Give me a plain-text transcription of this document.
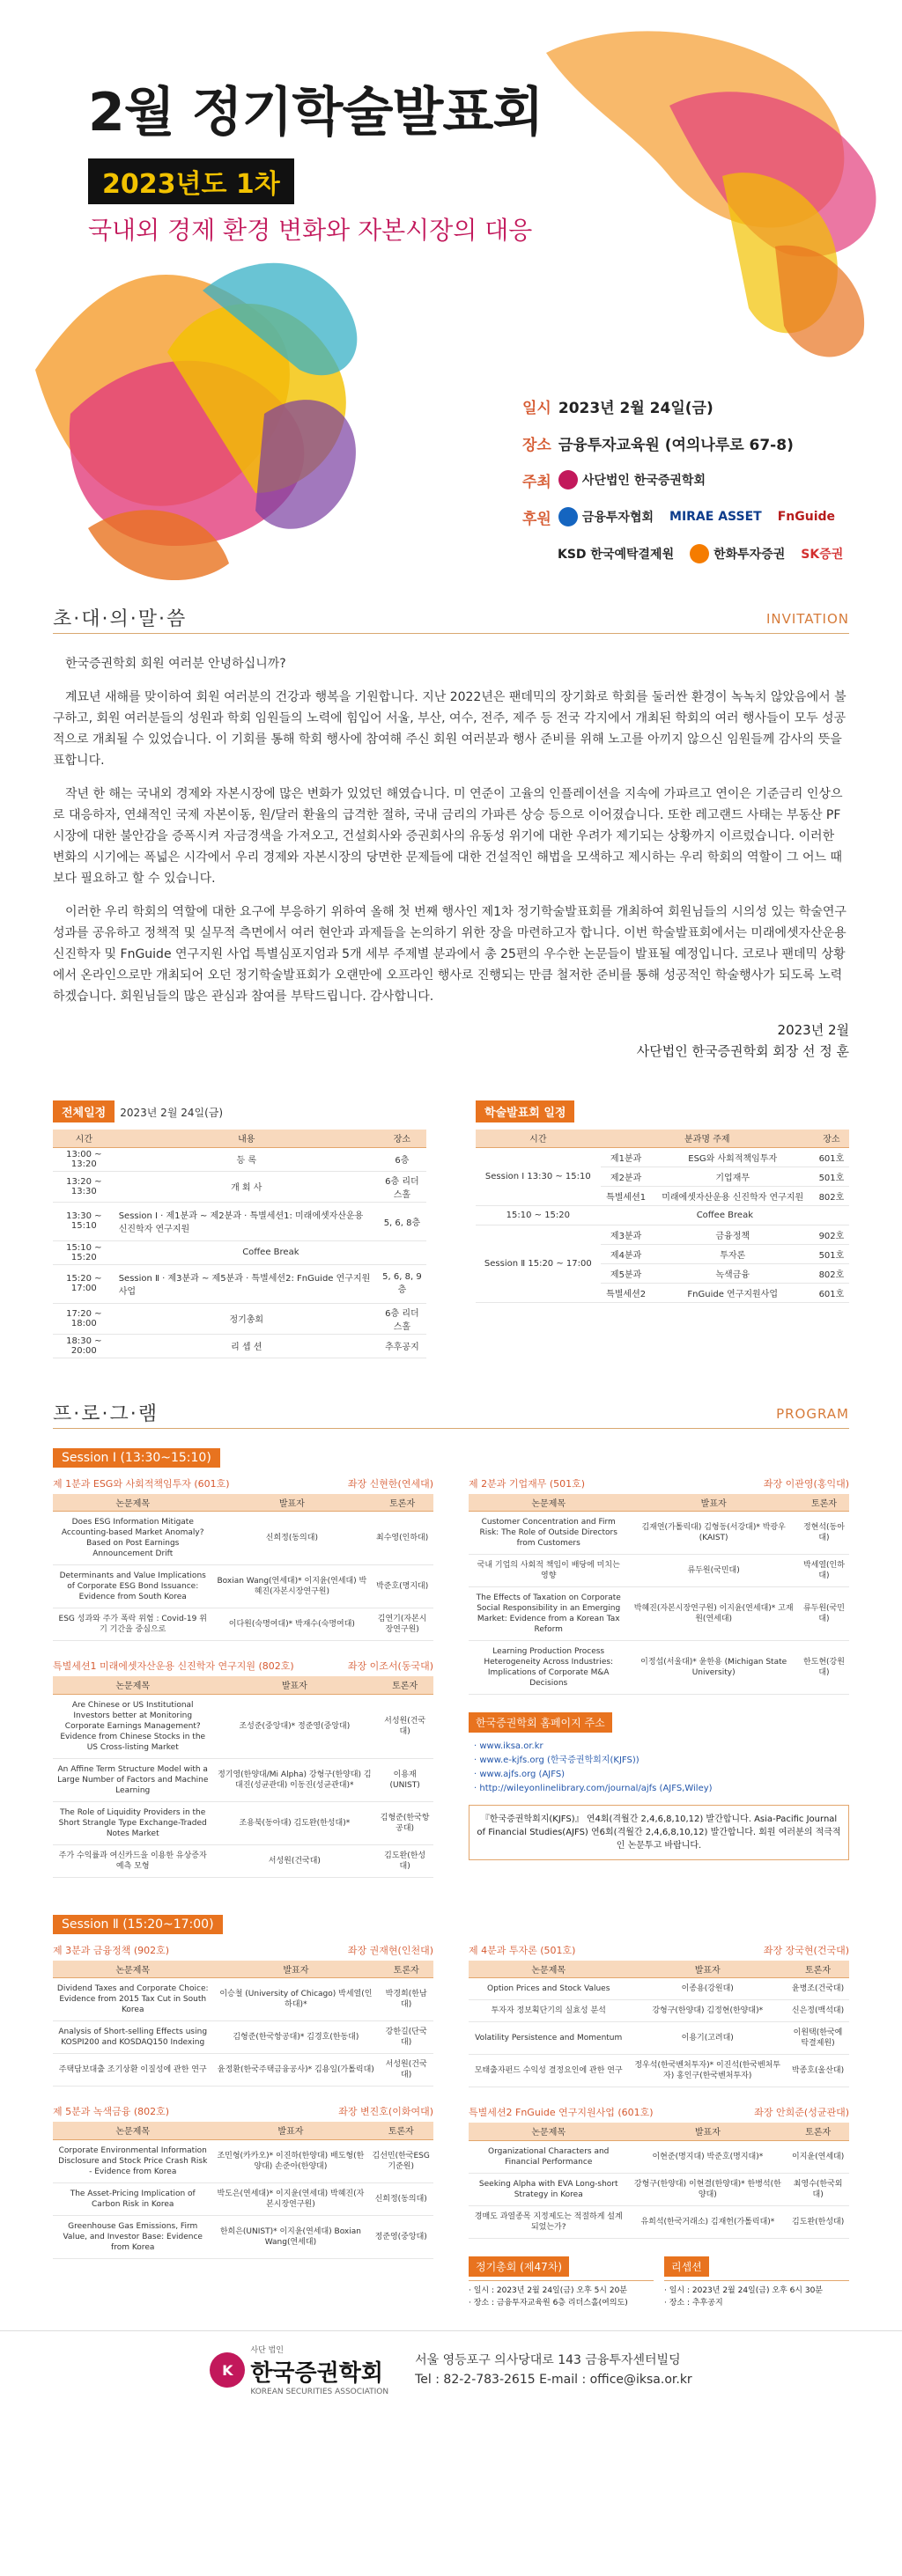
2월 정기학술발표회
2023년도 1차
국내외 경제 환경 변화와 자본시장의 대응
일시 2023년 2월 24일(금)
장소 금융투자교육원 (여의나루로 67-8)
주최	사단법인 한국증권학회
후원	금융투자협회 MIRAE ASSET FnGuide
KSD 한국예탁결제원	한화투자증권 SK증권
초·대·의·말·씀	INVITATION

한국증권학회 회원 여러분 안녕하십니까?

계묘년 새해를 맞이하여 회원 여러분의 건강과 행복을 기원합니다. 지난 2022년은 팬데믹의 장기화로 학회를 둘러싼 환경이 녹녹치 않았음에서 불구하고, 회원 여러분들의 성원과 학회 임원들의 노력에 힘입어 서울, 부산, 여수, 전주, 제주 등 전국 각지에서 개최된 학회의 여러 행사들이 모두 성공적으로 개최될 수 있었습니다. 이 기회를 통해 학회 행사에 참여해 주신 회원 여러분과 행사 준비를 위해 노고를 아끼지 않으신 임원들께 감사의 뜻을 표합니다.

작년 한 해는 국내외 경제와 자본시장에 많은 변화가 있었던 해였습니다. 미 연준이 고율의 인플레이션을 지속에 가파르고 연이은 기준금리 인상으로 대응하자, 연쇄적인 국제 자본이동, 원/달러 환율의 급격한 절하, 국내 금리의 가파른 상승 등으로 이어졌습니다. 또한 레고랜드 사태는 부동산 PF시장에 대한 불안감을 증폭시켜 자금경색을 가져오고, 건설회사와 증권회사의 유동성 위기에 대한 우려가 제기되는 상황까지 이르렀습니다. 이러한 변화의 시기에는 폭넓은 시각에서 우리 경제와 자본시장의 당면한 문제들에 대한 건설적인 해법을 모색하고 제시하는 우리 학회의 역할이 그 어느 때보다 필요하고 할 수 있습니다.

이러한 우리 학회의 역할에 대한 요구에 부응하기 위하여 올해 첫 번째 행사인 제1차 정기학술발표회를 개최하여 회원님들의 시의성 있는 학술연구 성과를 공유하고 정책적 및 실무적 측면에서 여러 현안과 과제들을 논의하기 위한 장을 마련하고자 합니다. 이번 학술발표회에서는 미래에셋자산운용 신진학자 및 FnGuide 연구지원 사업 특별심포지엄과 5개 세부 주제별 분과에서 총 25편의 우수한 논문들이 발표될 예정입니다. 코로나 팬데믹 상황에서 온라인으로만 개최되어 오던 정기학술발표회가 오랜만에 오프라인 행사로 진행되는 만큼 철저한 준비를 통해 성공적인 학술행사가 되도록 노력하겠습니다. 회원님들의 많은 관심과 참여를 부탁드립니다. 감사합니다.

2023년 2월
사단법인 한국증권학회 회장 선 정 훈
전체일정 2023년 2월 24일(금)
시간	내용	장소
13:00 ~ 13:20	등 록	6층
13:20 ~ 13:30	개 회 사	6층 리더스홀
13:30 ~ 15:10	Session Ⅰ · 제1분과 ~ 제2분과 · 특별세션1: 미래에셋자산운용 신진학자 연구지원	5, 6, 8층
15:10 ~ 15:20	Coffee Break	
15:20 ~ 17:00	Session Ⅱ · 제3분과 ~ 제5분과 · 특별세션2: FnGuide 연구지원사업	5, 6, 8, 9층
17:20 ~ 18:00	정기총회	6층 리더스홀
18:30 ~ 20:00	리 셉 션	추후공지
학술발표회 일정
시간	분과명 주제		장소
Session Ⅰ 13:30 ~ 15:10	제1분과	ESG와 사회적책임투자	601호
	제2분과	기업재무	501호
	특별세션1	미래에셋자산운용 신진학자 연구지원	802호
15:10 ~ 15:20	Coffee Break		
Session Ⅱ 15:20 ~ 17:00	제3분과	금융정책	902호
	제4분과	투자론	501호
	제5분과	녹색금융	802호
	특별세션2	FnGuide 연구지원사업	601호
프·로·그·램	PROGRAM
Session Ⅰ (13:30~15:10)
제 1분과 ESG와 사회적책임투자 (601호)	좌장 신현한(연세대)
논문제목	발표자	토론자
Does ESG Information Mitigate Accounting-based Market Anomaly? Based on Post Earnings Announcement Drift	신희정(동의대)	최수영(인하대)
Determinants and Value Implications of Corporate ESG Bond Issuance: Evidence from South Korea	Boxian Wang(연세대)* 이지윤(연세대) 박혜진(자본시장연구원)	박준호(명지대)
ESG 성과와 주가 폭락 위험 : Covid-19 위기 기간을 중심으로	이다원(숙명여대)* 박재수(숙명여대)	김연기(자본시장연구원)
특별세션1 미래에셋자산운용 신진학자 연구지원 (802호)	좌장 이조서(동국대)
논문제목	발표자	토론자
Are Chinese or US Institutional Investors better at Monitoring Corporate Earnings Management? Evidence from Chinese Stocks in the US Cross-listing Market	조성준(중앙대)* 정준영(중앙대)	서성원(건국대)
An Affine Term Structure Model with a Large Number of Factors and Machine Learning	정기영(한양대/Mi Alpha) 강형구(한양대) 김대진(성균관대) 이동진(성균관대)*	이용재(UNIST)
The Role of Liquidity Providers in the Short Strangle Type Exchange-Traded Notes Market	조용북(동아대) 김도완(한성대)*	김형준(한국항공대)
주가 수익률과 여신카드을 이용한 유상증자 예측 모형	서성원(건국대)	김도완(한성대)
제 2분과 기업재무 (501호)	좌장 이관영(홍익대)
논문제목	발표자	토론자
Customer Concentration and Firm Risk: The Role of Outside Directors from Customers	김재연(가톨릭대) 김형동(서강대)* 박광우(KAIST)	정현석(동아대)
국내 기업의 사회적 책임이 배당에 미치는 영향	류두원(국민대)	박세열(인하대)
The Effects of Taxation on Corporate Social Responsibility in an Emerging Market: Evidence from a Korean Tax Reform	박혜진(자본시장연구원) 이지윤(연세대)* 고재원(연세대)	류두원(국민대)
Learning Production Process Heterogeneity Across Industries: Implications of Corporate M&A Decisions	이정섭(서울대)* 윤한용 (Michigan State University)	한도현(강원대)
한국증권학회 홈페이지 주소
· www.iksa.or.kr
· www.e-kjfs.org (한국증권학회지(KJFS))
· www.ajfs.org (AJFS)
· http://wileyonlinelibrary.com/journal/ajfs (AJFS,Wiley)
『한국증권학회지(KJFS)』 연4회(격월간 2,4,6,8,10,12) 발간합니다. Asia-Pacific Journal of Financial Studies(AJFS) 연6회(격월간 2,4,6,8,10,12) 발간합니다. 회원 여러분의 적극적인 논문투고 바랍니다.
Session Ⅱ (15:20~17:00)
제 3분과 금융정책 (902호)	좌장 권재현(인천대)
논문제목	발표자	토론자
Dividend Taxes and Corporate Choice: Evidence from 2015 Tax Cut in South Korea	이승철 (University of Chicago) 박세열(인하대)*	박경희(한남대)
Analysis of Short-selling Effects using KOSPI200 and KOSDAQ150 Indexing	김형준(한국항공대)* 김경호(한동대)	강한길(단국대)
주택담보대출 조기상환 이질성에 관한 연구	윤정환(한국주택금융공사)* 김용일(가톨릭대)	서성원(건국대)
제 5분과 녹색금융 (802호)	좌장 변진호(이화여대)
논문제목	발표자	토론자
Corporate Environmental Information Disclosure and Stock Price Crash Risk - Evidence from Korea	조민형(카카오)* 이진하(한양대) 배도형(한양대) 손준아(한양대)	김선민(한국ESG기준원)
The Asset-Pricing Implication of Carbon Risk in Korea	박도은(연세대)* 이지윤(연세대) 박혜진(자본시장연구원)	신희정(동의대)
Greenhouse Gas Emissions, Firm Value, and Investor Base: Evidence from Korea	한희은(UNIST)* 이지윤(연세대) Boxian Wang(연세대)	정준영(중앙대)
제 4분과 투자론 (501호)	좌장 장국현(건국대)
논문제목	발표자	토론자
Option Prices and Stock Values	이종용(강원대)	윤병조(건국대)
투자자 정보획단기의 실효성 분석	강형구(한양대) 김정현(한양대)*	신은정(백석대)
Volatility Persistence and Momentum	이용기(고려대)	이원택(한국예탁결제원)
모태출자펀드 수익성 결정요인에 관한 연구	정우석(한국벤처투자)* 이진석(한국벤처투자) 홍인구(한국벤처투자)	박종호(울산대)
특별세션2 FnGuide 연구지원사업 (601호)	좌장 안희준(성균관대)
논문제목	발표자	토론자
Organizational Characters and Financial Performance	이현준(명지대) 박준호(명지대)*	이지윤(연세대)
Seeking Alpha with EVA Long-short Strategy in Korea	강형구(한양대) 이현결(한양대)* 한병석(한양대)	최영수(한국외대)
경매도 과열종목 지정제도는 적절하게 설계되었는가?	유희석(한국거래소) 김재헌(가톨릭대)*	김도완(한성대)
정기총회 (제47차)

· 일시 : 2023년 2월 24일(금) 오후 5시 20분
· 장소 : 금융투자교육원 6층 리더스홀(여의도)

리셉션

· 일시 : 2023년 2월 24일(금) 오후 6시 30분
· 장소 : 추후공지

K
사단 법인
한국증권학회
KOREAN SECURITIES ASSOCIATION
서울 영등포구 의사당대로 143 금융투자센터빌딩
Tel : 82-2-783-2615 E-mail : office@iksa.or.kr
